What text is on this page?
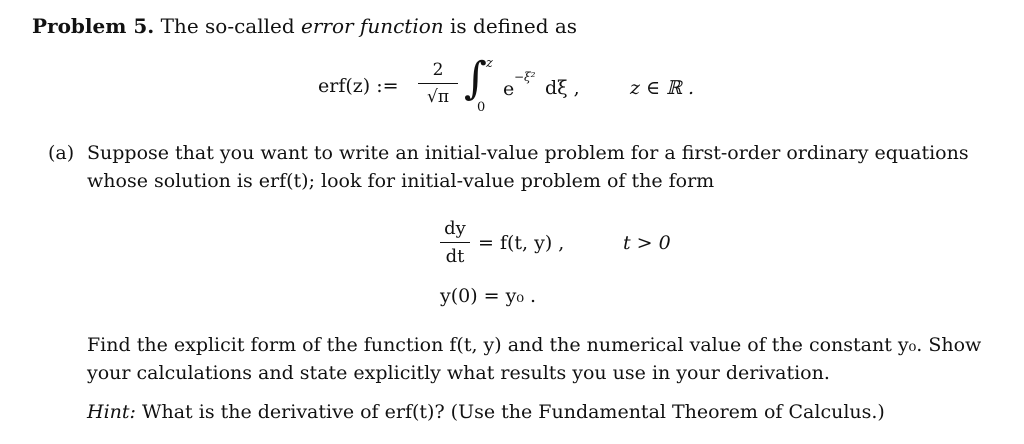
Problem 5. The so-called error function is defined as
erf(z) :=
2
√π ∫ z
0
e
−ξ² dξ ,	z ∈ ℝ .
(a) Suppose that you want to write an initial-value problem for a first-order ordinary equations
whose solution is erf(t); look for initial-value problem of the form
dy
dt
= f(t, y) ,	t > 0
y(0) = y₀ .
Find the explicit form of the function f(t, y) and the numerical value of the constant y₀. Show
your calculations and state explicitly what results you use in your derivation.
Hint: What is the derivative of erf(t)? (Use the Fundamental Theorem of Calculus.)
